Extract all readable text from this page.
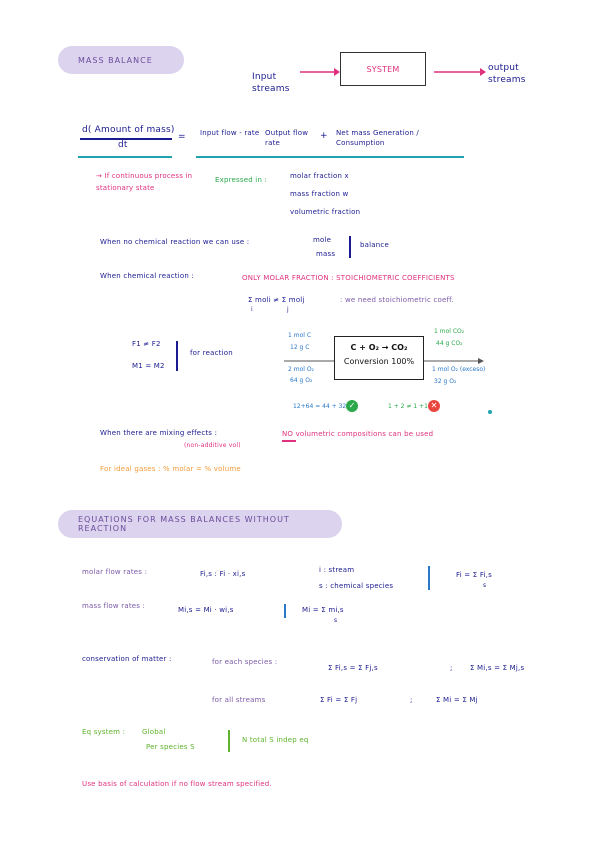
MASS BALANCE
Input streams
SYSTEM	output streams
d( Amount of mass)
dt
= Input flow - rate Output flow rate
+ Net mass Generation / Consumption
→ If continuous process in stationary state
Expressed in :	molar fraction x
mass fraction w
volumetric fraction
When no chemical reaction we can use :	mole
mass
balance
When chemical reaction :	ONLY MOLAR FRACTION : STOICHIOMETRIC COEFFICIENTS
Σ moli ≠ Σ molj
i	j
: we need stoichiometric coeff.
F1 ≠ F2
M1 = M2
for reaction
1 mol C
12 g C
2 mol O₂
64 g O₂
C + O₂ → CO₂
Conversion 100%
1 mol CO₂
44 g CO₂
1 mol O₂ (exceso)
32 g O₂
12+64 = 44 + 32 ✓	1 + 2 ≠ 1 +1 ✕
When there are mixing effects :
(non-additive vol)
NO volumetric compositions can be used
For ideal gases : % molar = % volume
EQUATIONS FOR MASS BALANCES WITHOUT REACTION
molar flow rates :	Fi,s : Fi · xi,s	i : stream
s : chemical species
Fi = Σ Fi,s
s
mass flow rates :	Mi,s = Mi · wi,s	Mi = Σ mi,s
s
conservation of matter :	for each species :
Σ Fi,s = Σ Fj,s	; Σ Mi,s = Σ Mj,s
for all streams	Σ Fi = Σ Fj	;	Σ Mi = Σ Mj
Eq system : Global
Per species S
N total S indep eq
Use basis of calculation if no flow stream specified.
